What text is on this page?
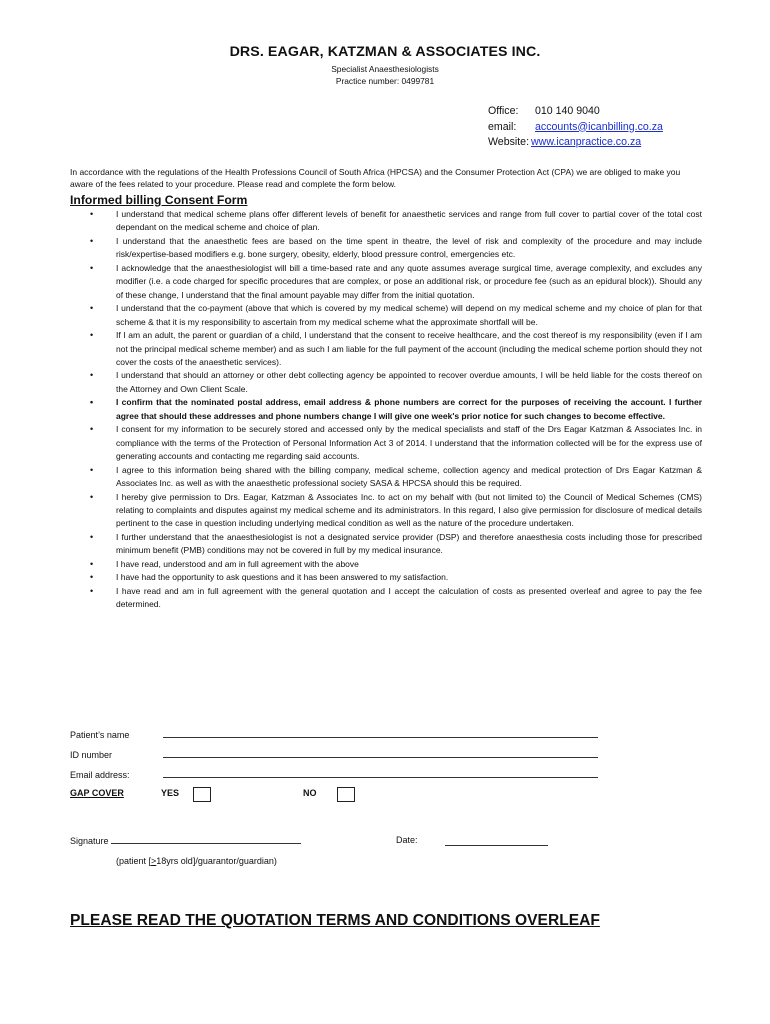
DRS. EAGAR, KATZMAN & ASSOCIATES INC.
Specialist Anaesthesiologists
Practice number: 0499781
Office: 010 140 9040
email: accounts@icanbilling.co.za
Website: www.icanpractice.co.za
In accordance with the regulations of the Health Professions Council of South Africa (HPCSA) and the Consumer Protection Act (CPA) we are obliged to make you aware of the fees related to your procedure. Please read and complete the form below.
Informed billing Consent Form
•	I understand that medical scheme plans offer different levels of benefit for anaesthetic services and range from full cover to partial cover of the total cost dependant on the medical scheme and choice of plan.
•	I understand that the anaesthetic fees are based on the time spent in theatre, the level of risk and complexity of the procedure and may include risk/expertise-based modifiers e.g. bone surgery, obesity, elderly, blood pressure control, emergencies etc.
•	I acknowledge that the anaesthesiologist will bill a time-based rate and any quote assumes average surgical time, average complexity, and excludes any modifier (i.e. a code charged for specific procedures that are complex, or pose an additional risk, or procedure fee (such as an epidural block)). Should any of these change, I understand that the final amount payable may differ from the initial quotation.
•	I understand that the co-payment (above that which is covered by my medical scheme) will depend on my medical scheme and my choice of plan for that scheme & that it is my responsibility to ascertain from my medical scheme what the approximate shortfall will be.
•	If I am an adult, the parent or guardian of a child, I understand that the consent to receive healthcare, and the cost thereof is my responsibility (even if I am not the principal medical scheme member) and as such I am liable for the full payment of the account (including the medical scheme portion should they not cover the costs of the anaesthetic services).
•	I understand that should an attorney or other debt collecting agency be appointed to recover overdue amounts, I will be held liable for the costs thereof on the Attorney and Own Client Scale.
•	I confirm that the nominated postal address, email address & phone numbers are correct for the purposes of receiving the account. I further agree that should these addresses and phone numbers change I will give one week's prior notice for such changes to become effective.
•	I consent for my information to be securely stored and accessed only by the medical specialists and staff of the Drs Eagar Katzman & Associates Inc. in compliance with the terms of the Protection of Personal Information Act 3 of 2014. I understand that the information collected will be for the express use of generating accounts and contacting me regarding said accounts.
•	I agree to this information being shared with the billing company, medical scheme, collection agency and medical protection of Drs Eagar Katzman & Associates Inc. as well as with the anaesthetic professional society SASA & HPCSA should this be required.
•	I hereby give permission to Drs. Eagar, Katzman & Associates Inc. to act on my behalf with (but not limited to) the Council of Medical Schemes (CMS) relating to complaints and disputes against my medical scheme and its administrators. In this regard, I also give permission for disclosure of medical details pertinent to the case in question including underlying medical condition as well as the nature of the procedure undertaken.
•	I further understand that the anaesthesiologist is not a designated service provider (DSP) and therefore anaesthesia costs including those for prescribed minimum benefit (PMB) conditions may not be covered in full by my medical insurance.
•	I have read, understood and am in full agreement with the above
•	I have had the opportunity to ask questions and it has been answered to my satisfaction.
•	I have read and am in full agreement with the general quotation and I accept the calculation of costs as presented overleaf and agree to pay the fee determined.
Patient’s name
ID number
Email address:
GAP COVER	YES	NO
Signature	Date:
(patient [≥18yrs old]/guarantor/guardian)
PLEASE READ THE QUOTATION TERMS AND CONDITIONS OVERLEAF
